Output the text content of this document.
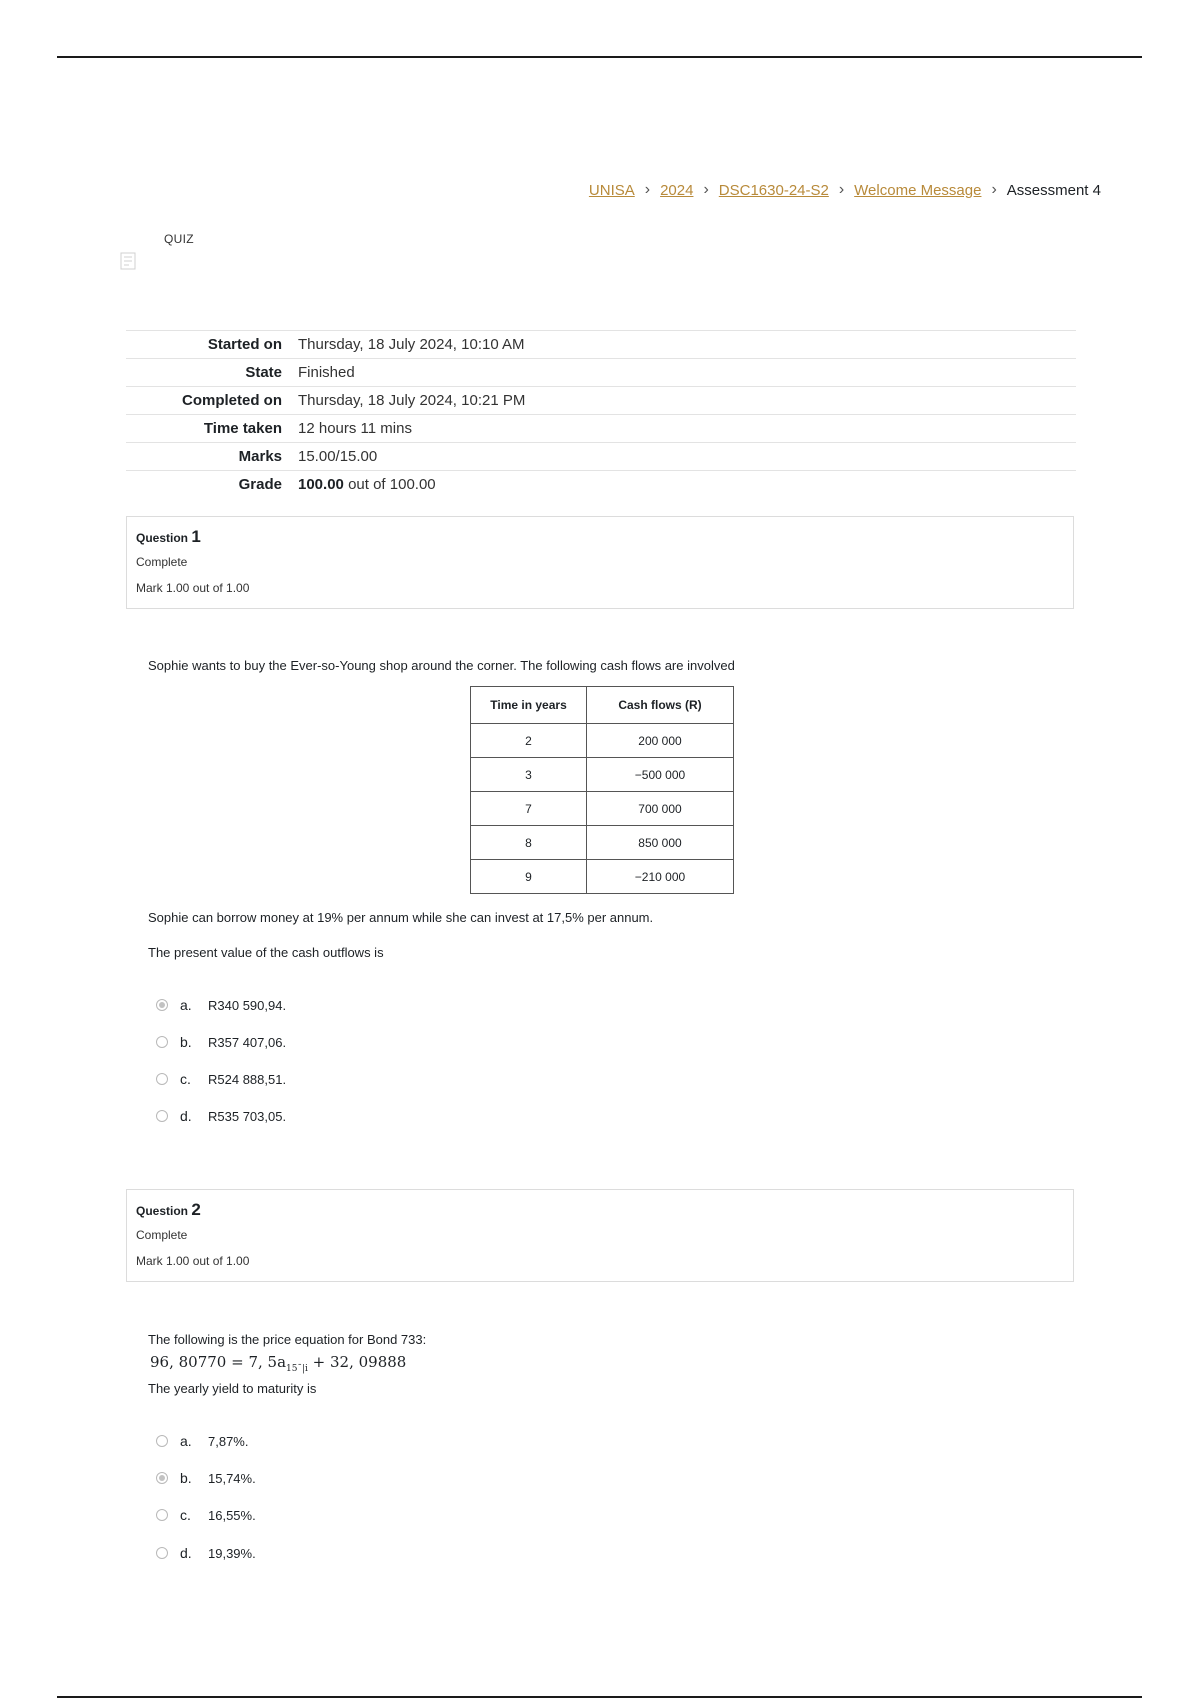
UNISA › 2024 › DSC1630-24-S2 › Welcome Message › Assessment 4
QUIZ
Started on	Thursday, 18 July 2024, 10:10 AM
State	Finished
Completed on	Thursday, 18 July 2024, 10:21 PM
Time taken	12 hours 11 mins
Marks	15.00/15.00
Grade	100.00 out of 100.00
Question 1
Complete
Mark 1.00 out of 1.00
Sophie wants to buy the Ever-so-Young shop around the corner. The following cash flows are involved
Time in years	Cash flows (R)
2	200 000
3	−500 000
7	700 000
8	850 000
9	−210 000
Sophie can borrow money at 19% per annum while she can invest at 17,5% per annum.
The present value of the cash outflows is
a.	R340 590,94.
b.	R357 407,06.
c.	R524 888,51.
d.	R535 703,05.
Question 2
Complete
Mark 1.00 out of 1.00
The following is the price equation for Bond 733:
96, 80770 = 7, $5a_{15¯|i} + 32$, 09888
The yearly yield to maturity is
a.	7,87%.
b.	15,74%.
c.	16,55%.
d.	19,39%.
